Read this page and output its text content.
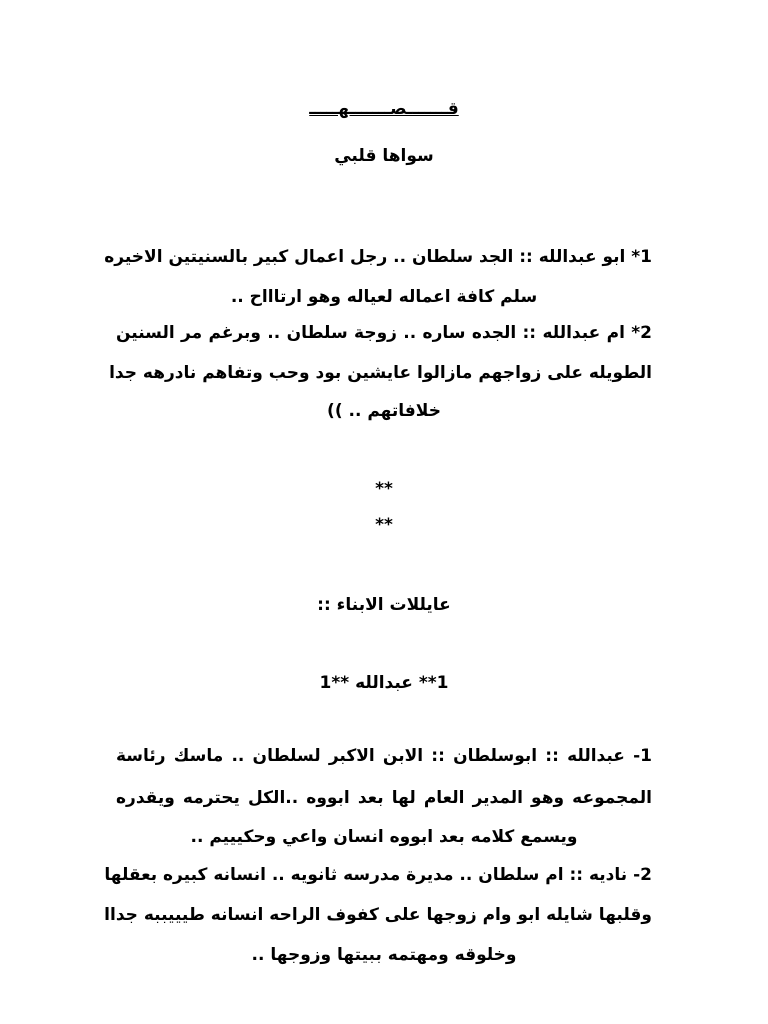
قـــــــصـــــــهـــــ
سواها قلبي
1* ابو عبدالله :: الجد سلطان .. رجل اعمال كبير بالسنيتين الاخيره
سلم كافة اعماله لعياله وهو ارتاااح ..
2* ام عبدالله :: الجده ساره .. زوجة سلطان .. وبرغم مر السنين
الطويله على زواجهم مازالوا عايشين بود وحب وتفاهم نادرهه جدا
خلافاتهم .. ))
**
**
عايللات الابناء ::
1** عبدالله **1
1- عبدالله :: ابوسلطان :: الابن الاكبر لسلطان .. ماسك رئاسة
المجموعه وهو المدير العام لها بعد ابووه ..الكل يحترمه ويقدره
ويسمع كلامه بعد ابووه انسان واعي وحكيييم ..
2- ناديه :: ام سلطان .. مديرة مدرسه ثانويه .. انسانه كبيره بعقلها
وقلبها شايله ابو وام زوجها على كفوف الراحه انسانه طيييببه جداا
وخلوقه ومهتمه ببيتها وزوجها ..
